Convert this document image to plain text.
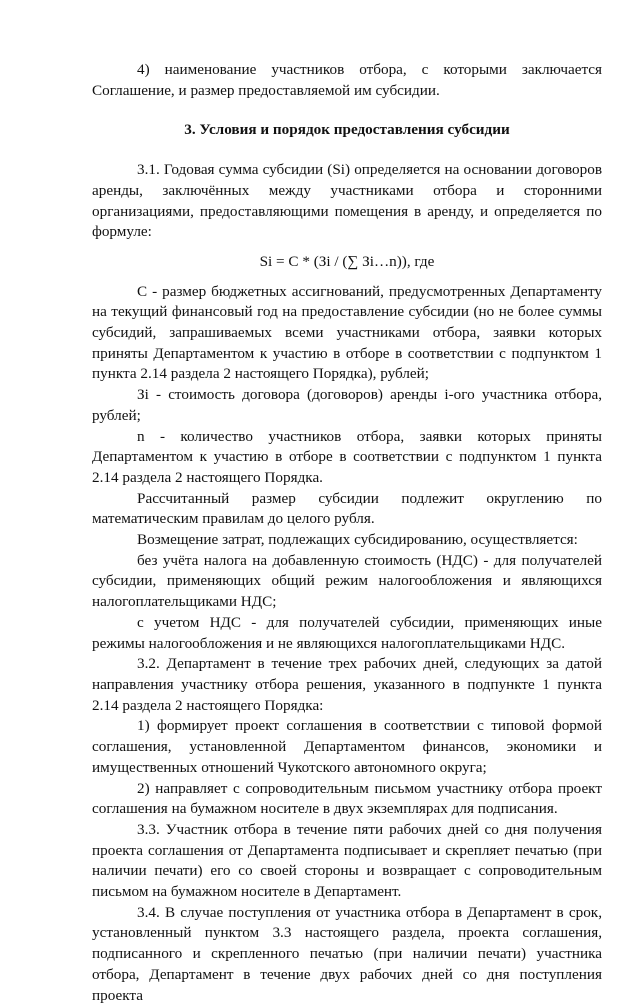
4) наименование участников отбора, с которыми заключается Соглашение, и размер предоставляемой им субсидии.

3. Условия и порядок предоставления субсидии

3.1. Годовая сумма субсидии (Si) определяется на основании договоров аренды, заключённых между участниками отбора и сторонними организациями, предоставляющими помещения в аренду, и определяется по формуле:

Si = С * (Зi / (∑ Зi…n)), где

С - размер бюджетных ассигнований, предусмотренных Департаменту на текущий финансовый год на предоставление субсидии (но не более суммы субсидий, запрашиваемых всеми участниками отбора, заявки которых приняты Департаментом к участию в отборе в соответствии с подпунктом 1 пункта 2.14 раздела 2 настоящего Порядка), рублей;

Зi - стоимость договора (договоров) аренды i-ого участника отбора, рублей;

n - количество участников отбора, заявки которых приняты Департаментом к участию в отборе в соответствии с подпунктом 1 пункта 2.14 раздела 2 настоящего Порядка.

Рассчитанный размер субсидии подлежит округлению по математическим правилам до целого рубля.

Возмещение затрат, подлежащих субсидированию, осуществляется:

без учёта налога на добавленную стоимость (НДС) - для получателей субсидии, применяющих общий режим налогообложения и являющихся налогоплательщиками НДС;

с учетом НДС - для получателей субсидии, применяющих иные режимы налогообложения и не являющихся налогоплательщиками НДС.

3.2. Департамент в течение трех рабочих дней, следующих за датой направления участнику отбора решения, указанного в подпункте 1 пункта 2.14 раздела 2 настоящего Порядка:

1) формирует проект соглашения в соответствии с типовой формой соглашения, установленной Департаментом финансов, экономики и имущественных отношений Чукотского автономного округа;

2) направляет с сопроводительным письмом участнику отбора проект соглашения на бумажном носителе в двух экземплярах для подписания.

3.3. Участник отбора в течение пяти рабочих дней со дня получения проекта соглашения от Департамента подписывает и скрепляет печатью (при наличии печати) его со своей стороны и возвращает с сопроводительным письмом на бумажном носителе в Департамент.

3.4. В случае поступления от участника отбора в Департамент в срок, установленный пунктом 3.3 настоящего раздела, проекта соглашения, подписанного и скрепленного печатью (при наличии печати) участника отбора, Департамент в течение двух рабочих дней со дня поступления проекта
